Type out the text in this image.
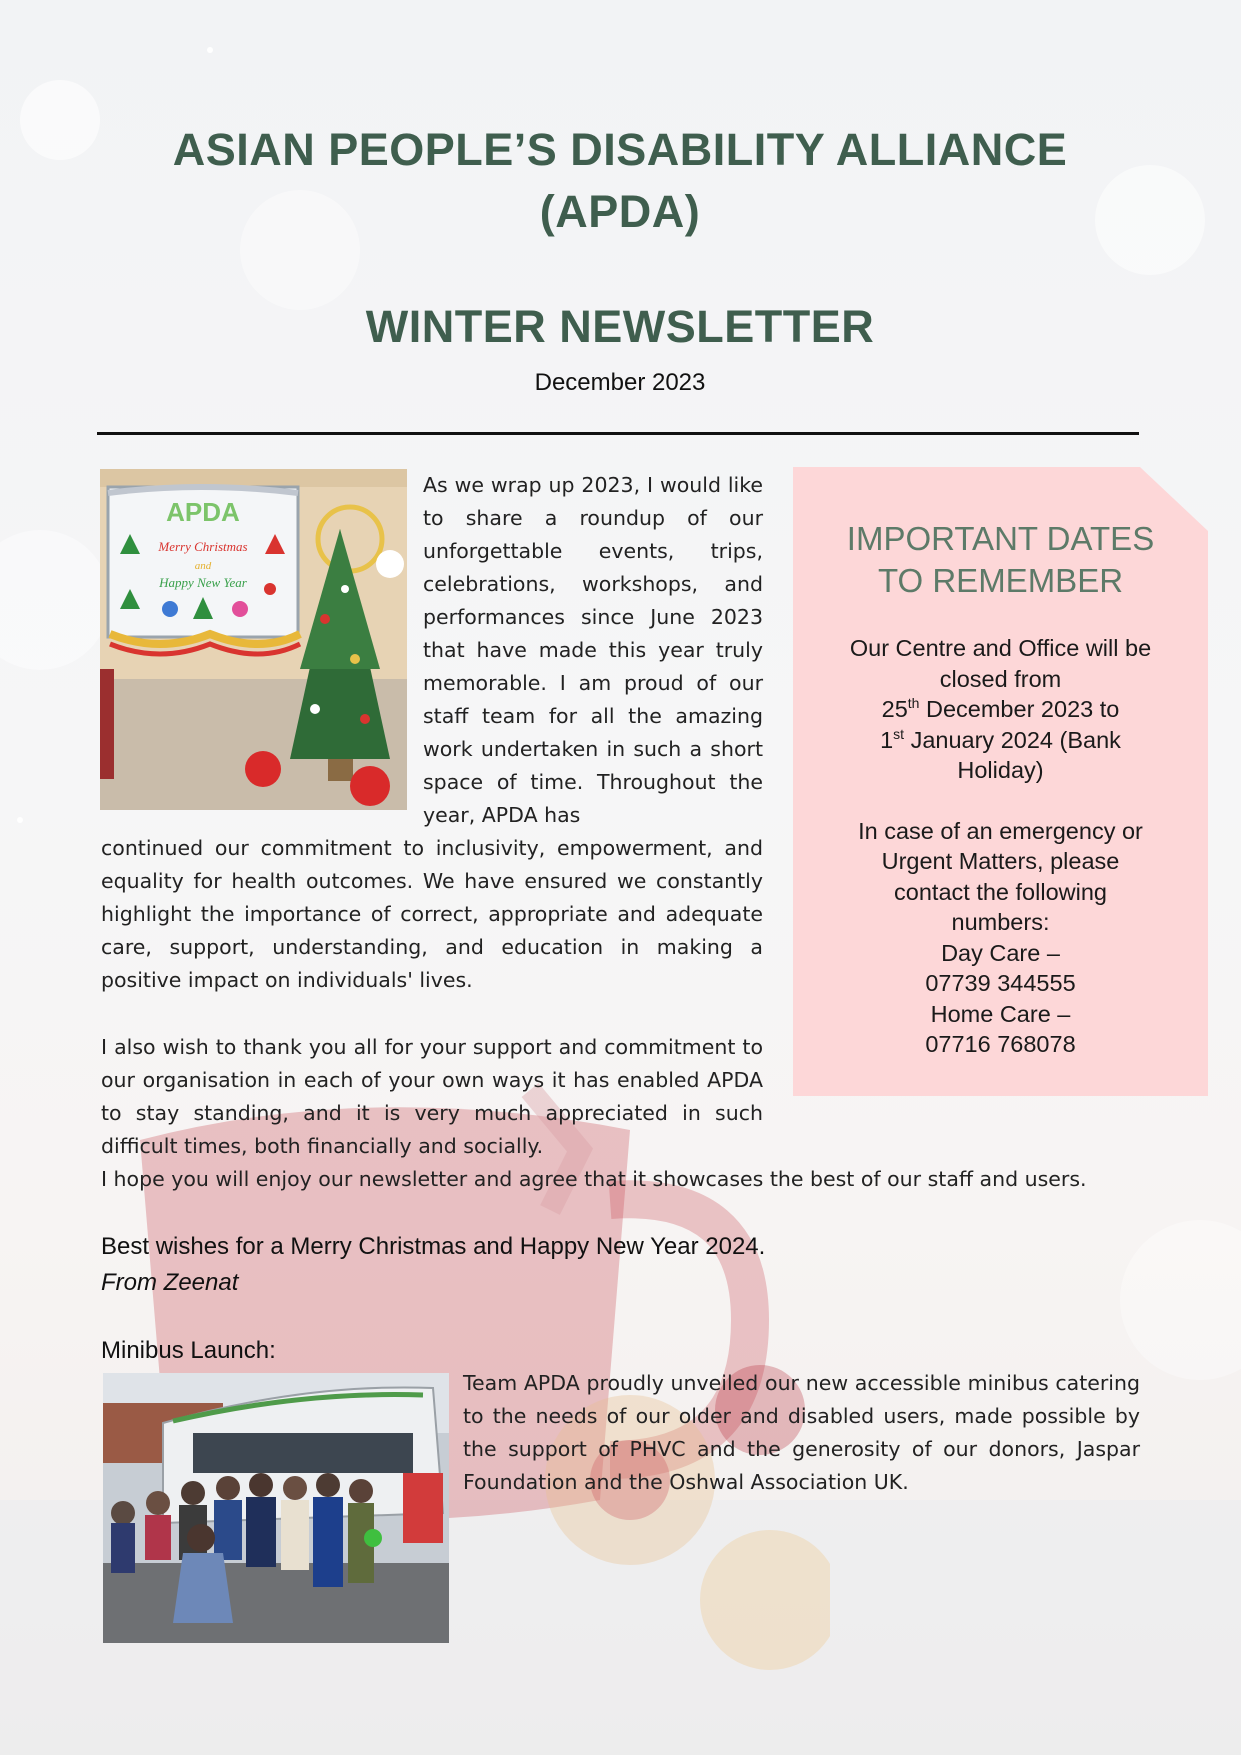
ASIAN PEOPLE’S DISABILITY ALLIANCE
(APDA)
WINTER NEWSLETTER
December 2023
APDA
Merry Christmas
and
Happy New Year
As we wrap up 2023, I would like to share a roundup of our unforgettable events, trips, celebrations, workshops, and performances since June 2023 that have made this year truly memorable. I am proud of our staff team for all the amazing work undertaken in such a short space of time. Throughout the year, APDA has
continued our commitment to inclusivity, empowerment, and equality for health outcomes. We have ensured we constantly highlight the importance of correct, appropriate and adequate care, support, understanding, and education in making a positive impact on individuals' lives.
I also wish to thank you all for your support and commitment to our organisation in each of your own ways it has enabled APDA to stay standing, and it is very much appreciated in such difficult times, both financially and socially.
I hope you will enjoy our newsletter and agree that it showcases the best of our staff and users.
Best wishes for a Merry Christmas and Happy New Year 2024.
From Zeenat
IMPORTANT DATES
TO REMEMBER
Our Centre and Office will be
closed from
25th December 2023 to
1st January 2024 (Bank
Holiday)
In case of an emergency or
Urgent Matters, please
contact the following
numbers:
Day Care –
07739 344555
Home Care –
07716 768078
Minibus Launch:
Team APDA proudly unveiled our new accessible minibus catering to the needs of our older and disabled users, made possible by the support of PHVC and the generosity of our donors, Jaspar Foundation and the Oshwal Association UK.
